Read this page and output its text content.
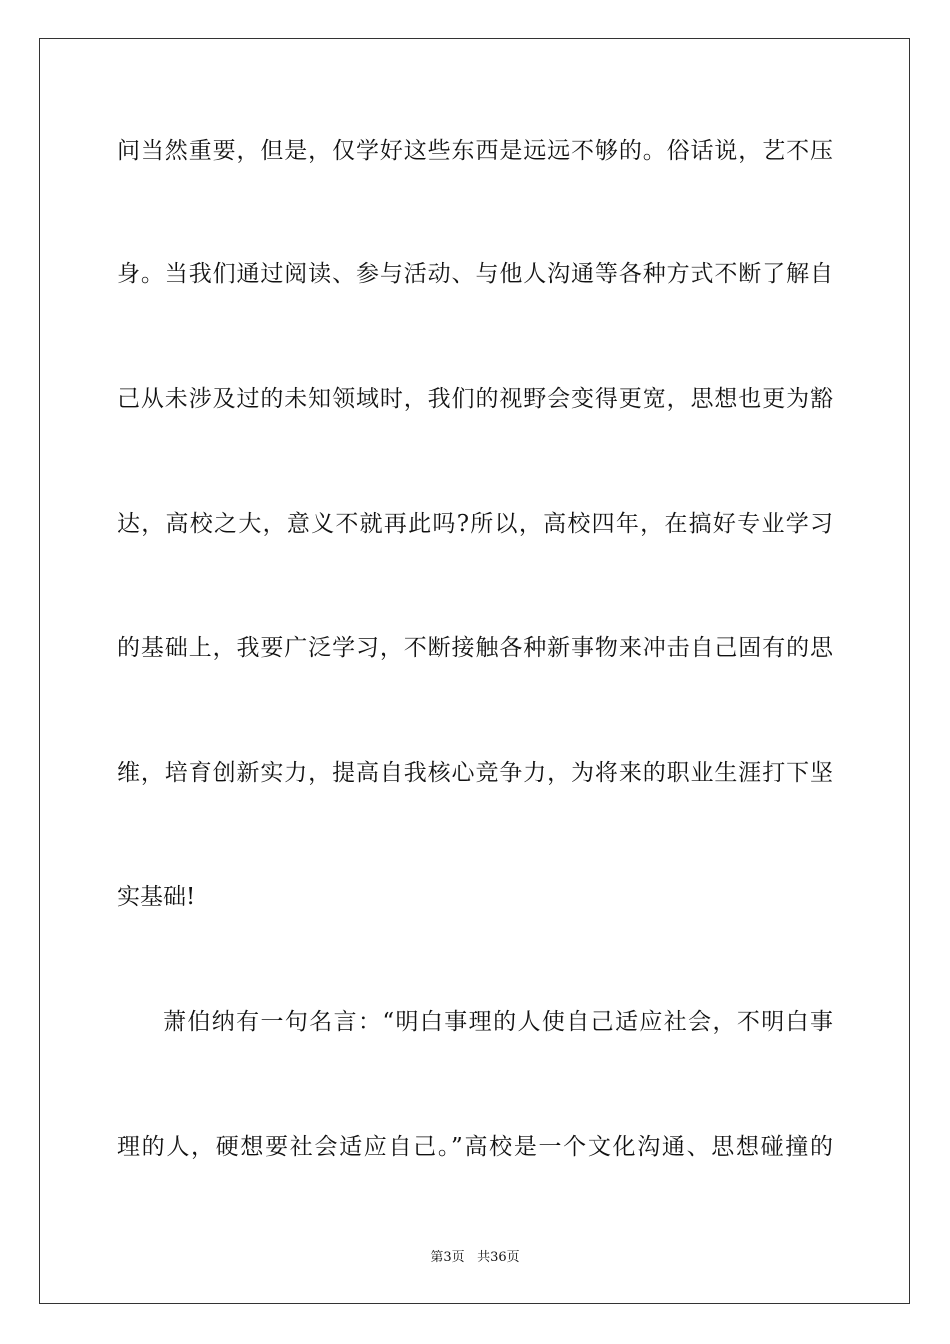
问当然重要，但是，仅学好这些东西是远远不够的。俗话说，艺不压
身。当我们通过阅读、参与活动、与他人沟通等各种方式不断了解自
己从未涉及过的未知领域时，我们的视野会变得更宽，思想也更为豁
达，高校之大，意义不就再此吗?所以，高校四年，在搞好专业学习
的基础上，我要广泛学习，不断接触各种新事物来冲击自己固有的思
维，培育创新实力，提高自我核心竞争力，为将来的职业生涯打下坚
实基础!
萧伯纳有一句名言：“明白事理的人使自己适应社会，不明白事
理的人，硬想要社会适应自己。”高校是一个文化沟通、思想碰撞的
第3页 共36页
